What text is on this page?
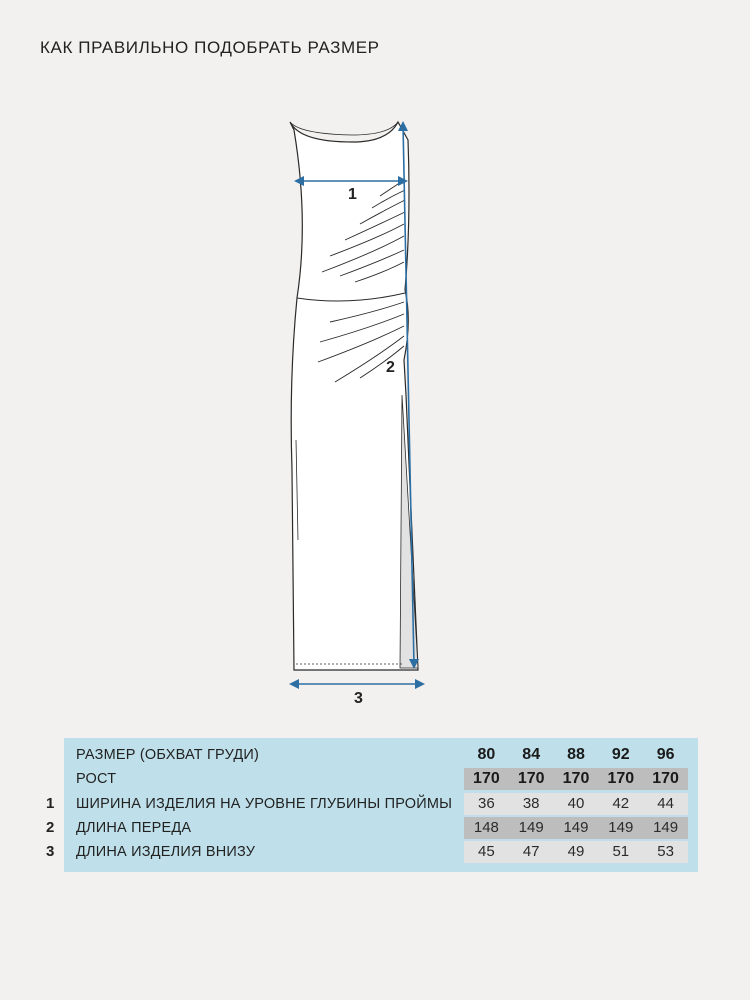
КАК ПРАВИЛЬНО ПОДОБРАТЬ РАЗМЕР
1
2
3
РАЗМЕР (ОБХВАТ ГРУДИ)	80	84	88	92	96
РОСТ	170	170	170	170	170
ШИРИНА ИЗДЕЛИЯ НА УРОВНЕ ГЛУБИНЫ ПРОЙМЫ	36	38	40	42	44
ДЛИНА ПЕРЕДА	148	149	149	149	149
ДЛИНА ИЗДЕЛИЯ ВНИЗУ	45	47	49	51	53
1
2
3
